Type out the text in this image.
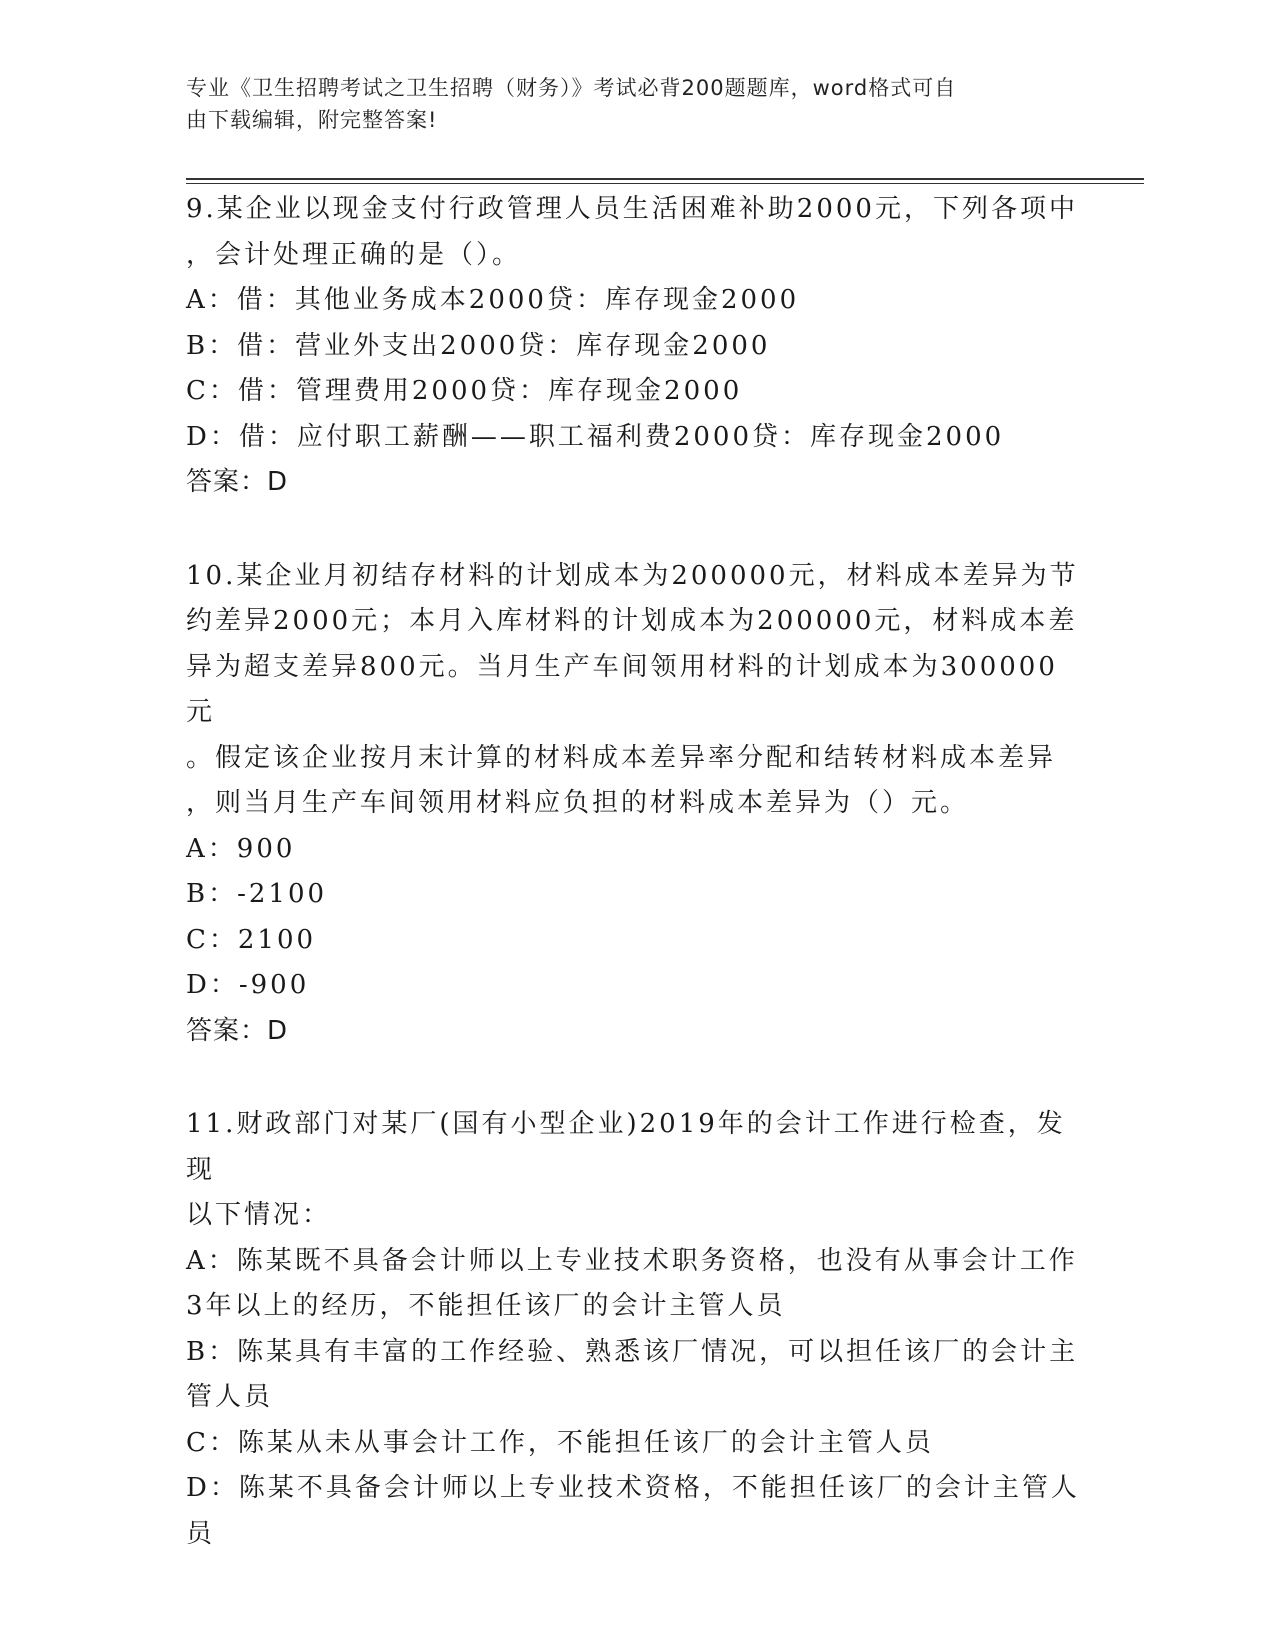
专业《卫生招聘考试之卫生招聘（财务）》考试必背200题题库，word格式可自
由下载编辑，附完整答案!
9.某企业以现金支付行政管理人员生活困难补助2000元，下列各项中
，会计处理正确的是（）。
A：借：其他业务成本2000贷：库存现金2000
B：借：营业外支出2000贷：库存现金2000
C：借：管理费用2000贷：库存现金2000
D：借：应付职工薪酬——职工福利费2000贷：库存现金2000
答案：D
10.某企业月初结存材料的计划成本为200000元，材料成本差异为节
约差异2000元；本月入库材料的计划成本为200000元，材料成本差
异为超支差异800元。当月生产车间领用材料的计划成本为300000元
。假定该企业按月末计算的材料成本差异率分配和结转材料成本差异
，则当月生产车间领用材料应负担的材料成本差异为（）元。
A：900
B：-2100
C：2100
D：-900
答案：D
11.财政部门对某厂(国有小型企业)2019年的会计工作进行检查，发现
以下情况：
A：陈某既不具备会计师以上专业技术职务资格，也没有从事会计工作
3年以上的经历，不能担任该厂的会计主管人员
B：陈某具有丰富的工作经验、熟悉该厂情况，可以担任该厂的会计主
管人员
C：陈某从未从事会计工作，不能担任该厂的会计主管人员
D：陈某不具备会计师以上专业技术资格，不能担任该厂的会计主管人
员
